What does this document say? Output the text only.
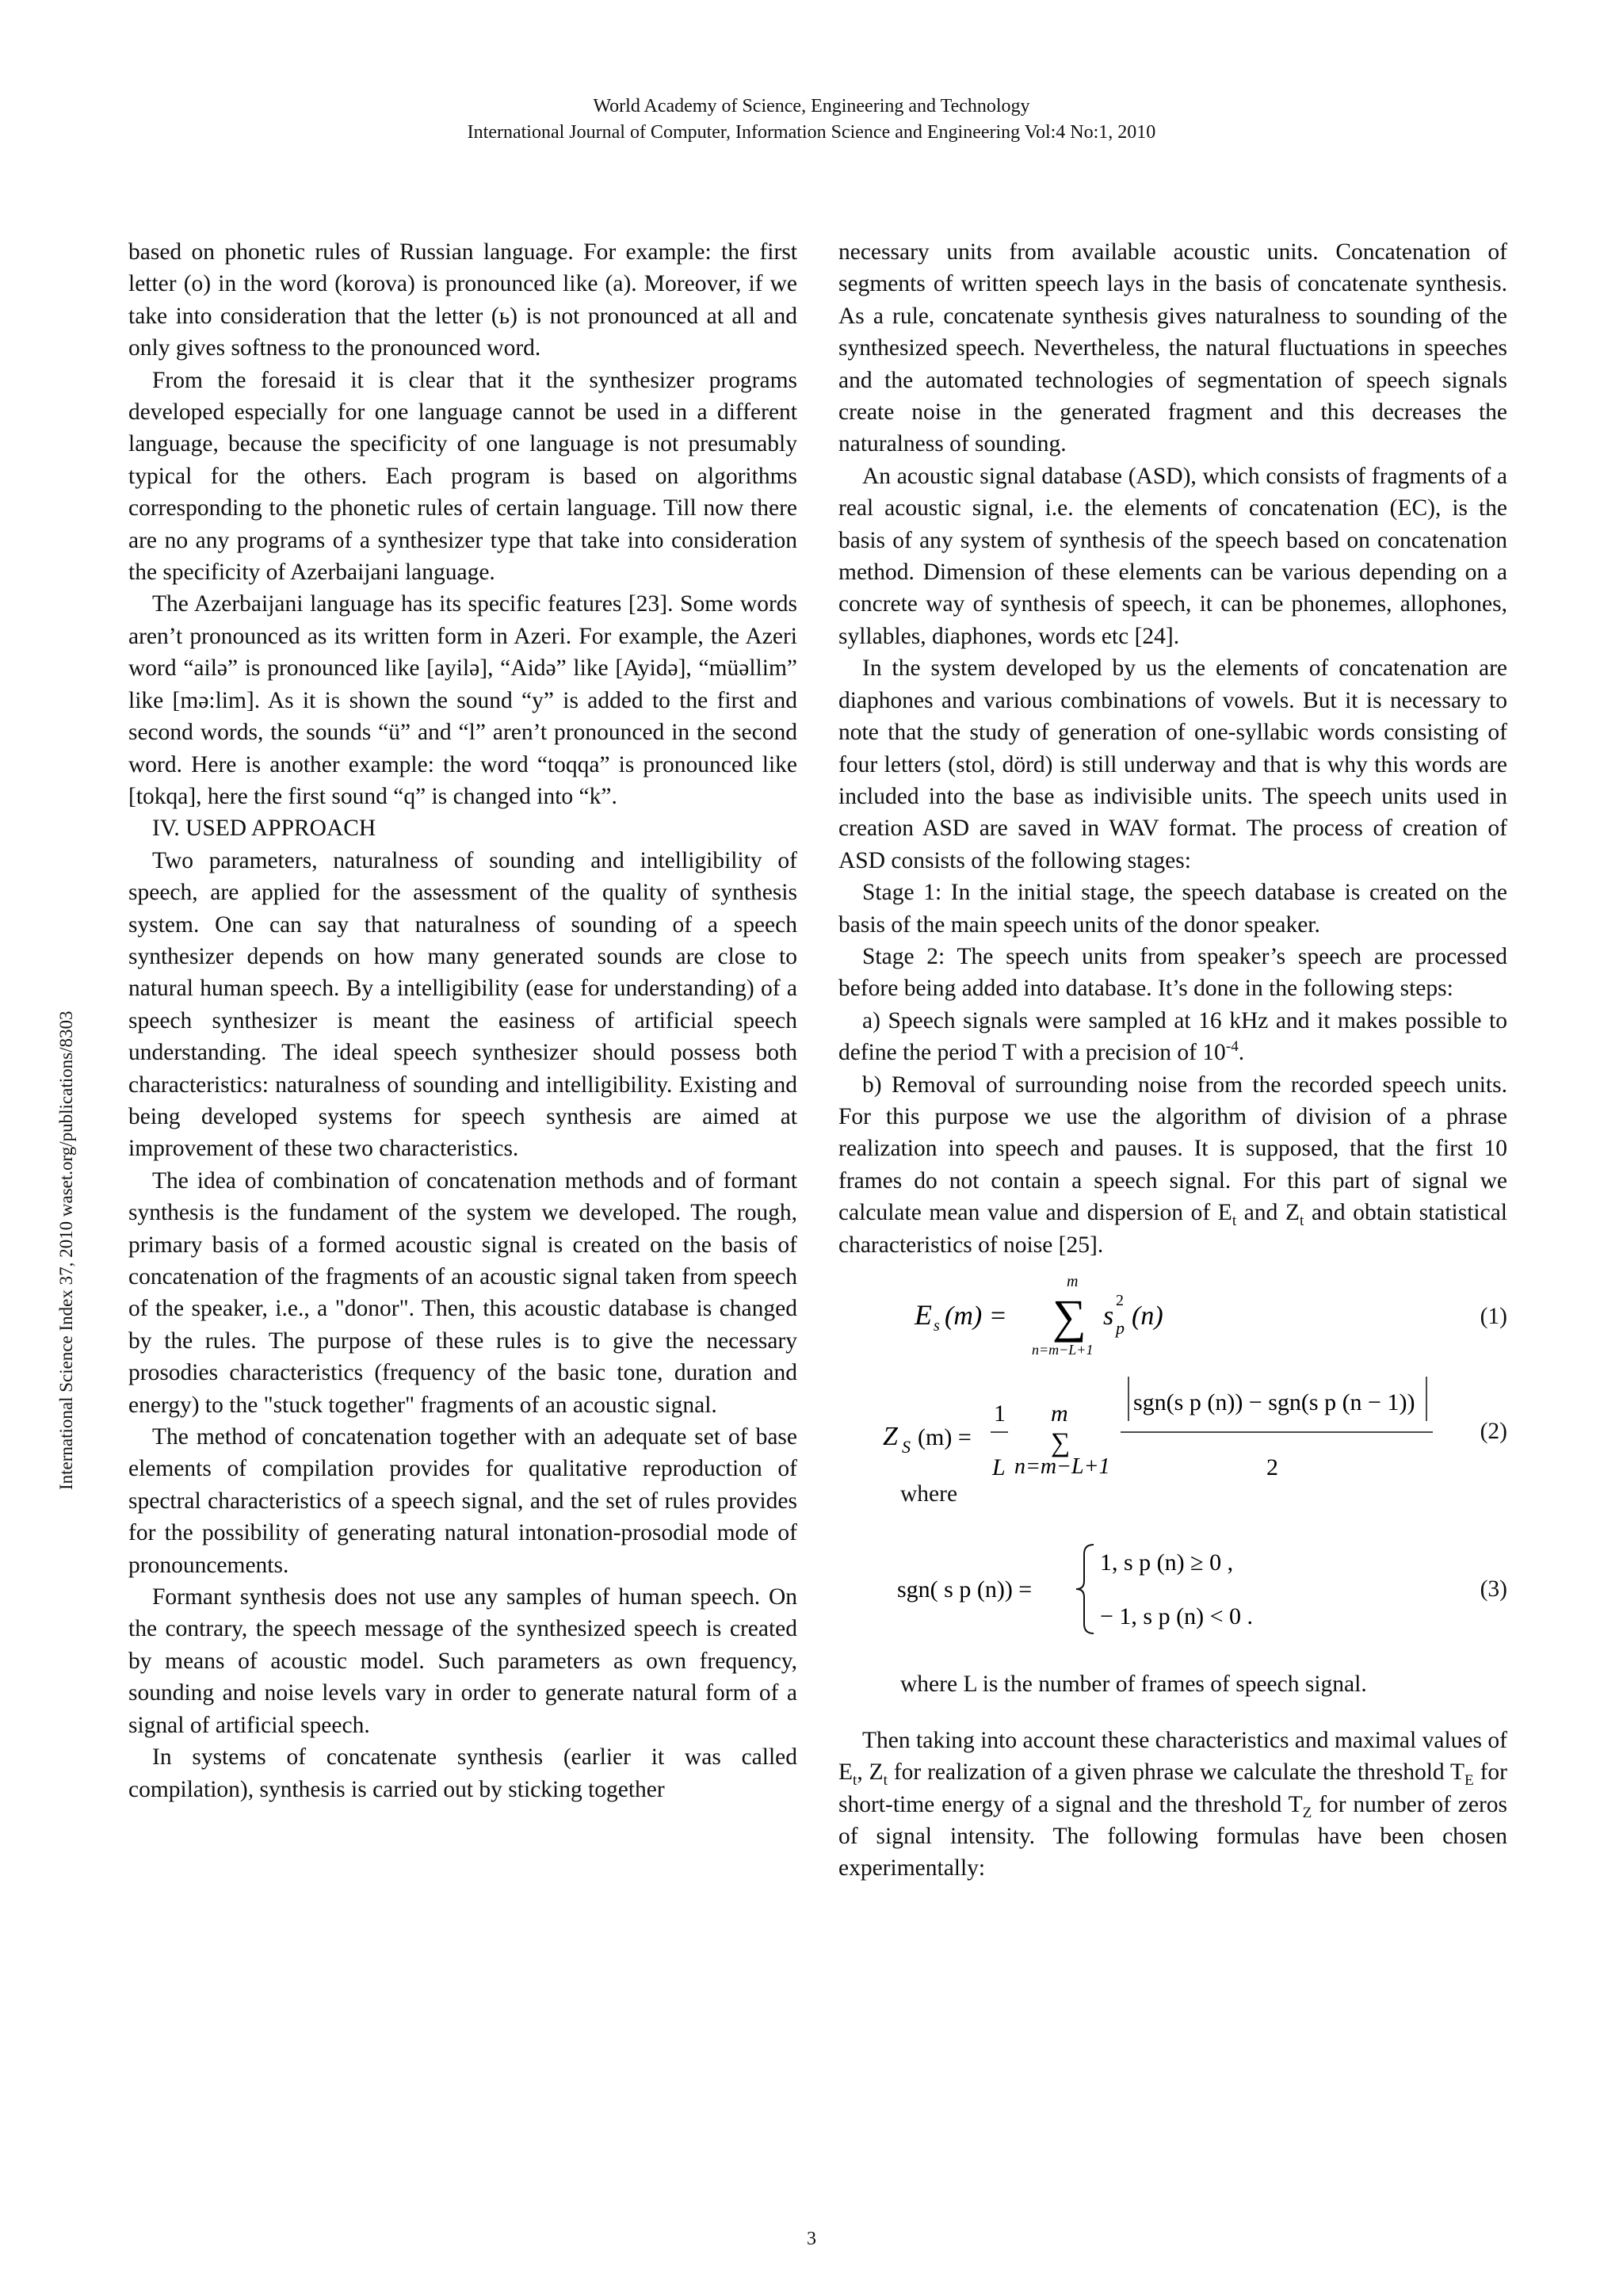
World Academy of Science, Engineering and Technology
International Journal of Computer, Information Science and Engineering Vol:4 No:1, 2010
International Science Index 37, 2010 waset.org/publications/8303

based on phonetic rules of Russian language. For example: the first letter (o) in the word (korova) is pronounced like (a). Moreover, if we take into consideration that the letter (ь) is not pronounced at all and only gives softness to the pronounced word.

From the foresaid it is clear that it the synthesizer programs developed especially for one language cannot be used in a different language, because the specificity of one language is not presumably typical for the others. Each program is based on algorithms corresponding to the phonetic rules of certain language. Till now there are no any programs of a synthesizer type that take into consideration the specificity of Azerbaijani language.

The Azerbaijani language has its specific features [23]. Some words aren’t pronounced as its written form in Azeri. For example, the Azeri word “ailə” is pronounced like [ayilə], “Aidə” like [Ayidə], “müəllim” like [mə:lim]. As it is shown the sound “y” is added to the first and second words, the sounds “ü” and “l” aren’t pronounced in the second word. Here is another example: the word “toqqa” is pronounced like [tokqa], here the first sound “q” is changed into “k”.

IV. USED APPROACH

Two parameters, naturalness of sounding and intelligibility of speech, are applied for the assessment of the quality of synthesis system. One can say that naturalness of sounding of a speech synthesizer depends on how many generated sounds are close to natural human speech. By a intelligibility (ease for understanding) of a speech synthesizer is meant the easiness of artificial speech understanding. The ideal speech synthesizer should possess both characteristics: naturalness of sounding and intelligibility. Existing and being developed systems for speech synthesis are aimed at improvement of these two characteristics.

The idea of combination of concatenation methods and of formant synthesis is the fundament of the system we developed. The rough, primary basis of a formed acoustic signal is created on the basis of concatenation of the fragments of an acoustic signal taken from speech of the speaker, i.e., a "donor". Then, this acoustic database is changed by the rules. The purpose of these rules is to give the necessary prosodies characteristics (frequency of the basic tone, duration and energy) to the "stuck together" fragments of an acoustic signal.

The method of concatenation together with an adequate set of base elements of compilation provides for qualitative reproduction of spectral characteristics of a speech signal, and the set of rules provides for the possibility of generating natural intonation-prosodial mode of pronouncements.

Formant synthesis does not use any samples of human speech. On the contrary, the speech message of the synthesized speech is created by means of acoustic model. Such parameters as own frequency, sounding and noise levels vary in order to generate natural form of a signal of artificial speech.

In systems of concatenate synthesis (earlier it was called compilation), synthesis is carried out by sticking together

necessary units from available acoustic units. Concatenation of segments of written speech lays in the basis of concatenate synthesis. As a rule, concatenate synthesis gives naturalness to sounding of the synthesized speech. Nevertheless, the natural fluctuations in speeches and the automated technologies of segmentation of speech signals create noise in the generated fragment and this decreases the naturalness of sounding.

An acoustic signal database (ASD), which consists of fragments of a real acoustic signal, i.e. the elements of concatenation (EC), is the basis of any system of synthesis of the speech based on concatenation method. Dimension of these elements can be various depending on a concrete way of synthesis of speech, it can be phonemes, allophones, syllables, diaphones, words etc [24].

In the system developed by us the elements of concatenation are diaphones and various combinations of vowels. But it is necessary to note that the study of generation of one-syllabic words consisting of four letters (stol, dörd) is still underway and that is why this words are included into the base as indivisible units. The speech units used in creation ASD are saved in WAV format. The process of creation of ASD consists of the following stages:

Stage 1: In the initial stage, the speech database is created on the basis of the main speech units of the donor speaker.

Stage 2: The speech units from speaker’s speech are processed before being added into database. It’s done in the following steps:

a) Speech signals were sampled at 16 kHz and it makes possible to define the period T with a precision of $10^{-4}$.

b) Removal of surrounding noise from the recorded speech units. For this purpose we use the algorithm of division of a phrase realization into speech and pauses. It is supposed, that the first 10 frames do not contain a speech signal. For this part of signal we calculate mean value and dispersion of $E_t$ and $Z_t$ and obtain statistical characteristics of noise [25].

E s (m) =
m
∑
n=m−L+1
s
2
p (n)	(1)
Z S (m) =
1
L
m
∑
n=m−L+1
sgn(s p (n)) − sgn(s p (n − 1))
2
(2)

where

sgn( s p (n)) =
1, s p (n) ≥ 0 ,
− 1, s p (n) < 0 .
(3)

where L is the number of frames of speech signal.

Then taking into account these characteristics and maximal values of $E_t$, $Z_t$ for realization of a given phrase we calculate the threshold $T_E$ for short-time energy of a signal and the threshold $T_Z$ for number of zeros of signal intensity. The following formulas have been chosen experimentally:

3
